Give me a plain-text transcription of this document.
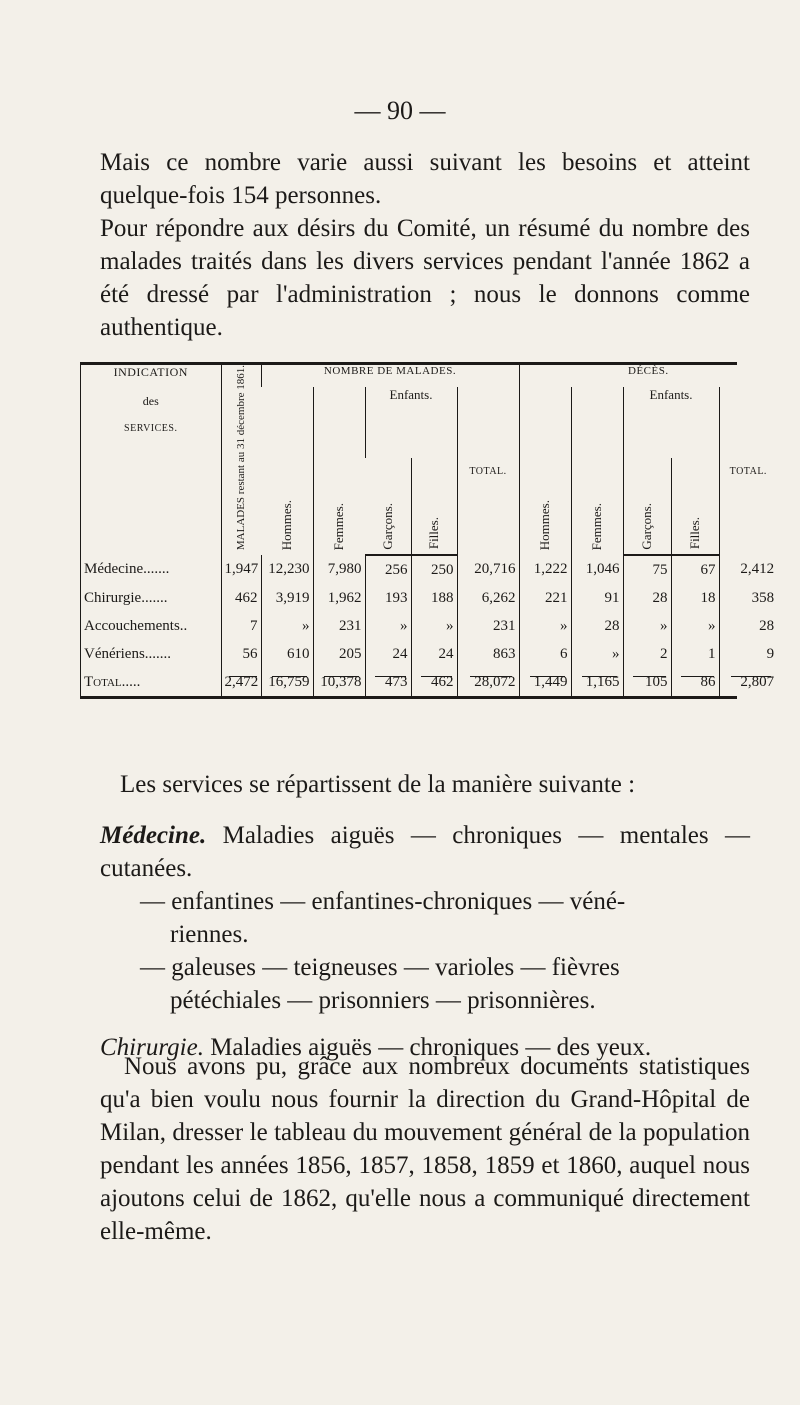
— 90 —

Mais ce nombre varie aussi suivant les besoins et atteint quelque-fois 154 personnes.

Pour répondre aux désirs du Comité, un résumé du nombre des malades traités dans les divers services pendant l'année 1862 a été dressé par l'administration ; nous le donnons comme authentique.

INDICATION
des
SERVICES.	MALADES restant au 31 décembre 1861.	NOMBRE DE MALADES.					DÉCÈS.				
		Hommes.	Femmes.	Enfants.		TOTAL.	Hommes.	Femmes.	Enfants.		TOTAL.
				Garçons.	Filles.				Garçons.	Filles.	
Médecine.......	1,947	12,230	7,980	256	250	20,716	1,222	1,046	75	67	2,412
Chirurgie.......	462	3,919	1,962	193	188	6,262	221	91	28	18	358
Accouchements..	7	»	231	»	»	231	»	28	»	»	28
Vénériens.......	56	610	205	24	24	863	6	»	2	1	9
Total.....	2,472	16,759	10,378	473	462	28,072	1,449	1,165	105	86	2,807
Les services se répartissent de la manière suivante :
Médecine. Maladies aiguës — chroniques — mentales — cutanées.
— enfantines — enfantines-chroniques — véné-
riennes.
— galeuses — teigneuses — varioles — fièvres
pétéchiales — prisonniers — prisonnières.
Chirurgie. Maladies aiguës — chroniques — des yeux.

Nous avons pu, grâce aux nombreux documents statistiques qu'a bien voulu nous fournir la direction du Grand-Hôpital de Milan, dresser le tableau du mouvement général de la population pendant les années 1856, 1857, 1858, 1859 et 1860, auquel nous ajoutons celui de 1862, qu'elle nous a communiqué directement elle-même.
